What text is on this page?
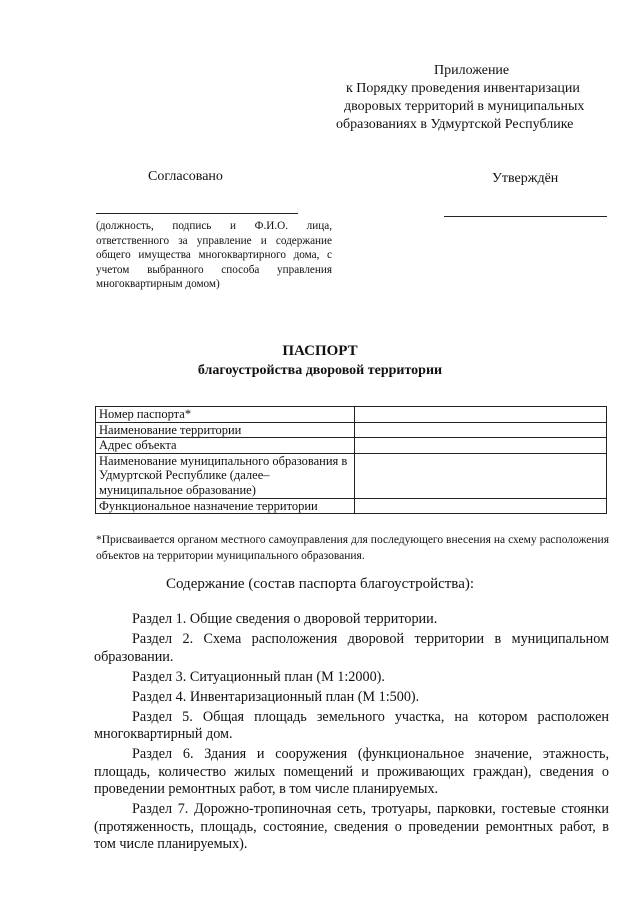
Приложение
к Порядку проведения инвентаризации
дворовых территорий в муниципальных
образованиях в Удмуртской Республике
Согласовано	Утверждён
(должность, подпись и Ф.И.О. лица, ответственного за управление и содержание общего имущества многоквартирного дома, с учетом выбранного способа управления многоквартирным домом)
ПАСПОРТ
благоустройства дворовой территории
Номер паспорта*	
Наименование территории	
Адрес объекта	
Наименование муниципального образования в Удмуртской Республике (далее– муниципальное образование)	
Функциональное назначение территории	
*Присваивается органом местного самоуправления для последующего внесения на схему расположения объектов на территории муниципального образования.
Содержание (состав паспорта благоустройства):

Раздел 1. Общие сведения о дворовой территории.

Раздел 2. Схема расположения дворовой территории в муниципальном образовании.

Раздел 3. Ситуационный план (М 1:2000).

Раздел 4. Инвентаризационный план (М 1:500).

Раздел 5. Общая площадь земельного участка, на котором расположен многоквартирный дом.

Раздел 6. Здания и сооружения (функциональное значение, этажность, площадь, количество жилых помещений и проживающих граждан), сведения о проведении ремонтных работ, в том числе планируемых.

Раздел 7. Дорожно-тропиночная сеть, тротуары, парковки, гостевые стоянки (протяженность, площадь, состояние, сведения о проведении ремонтных работ, в том числе планируемых).
